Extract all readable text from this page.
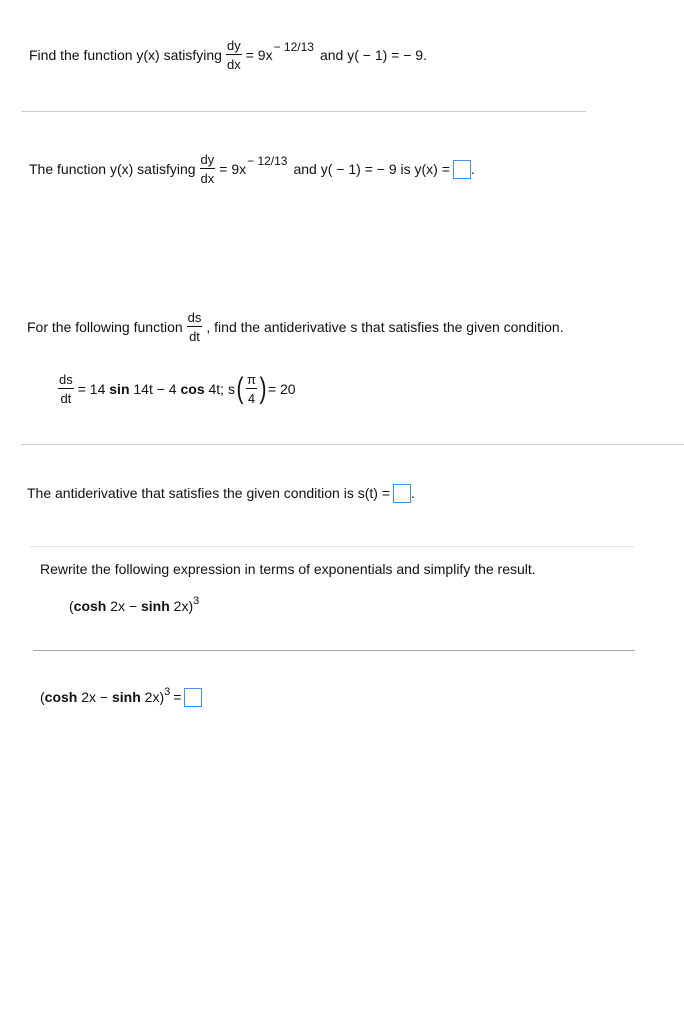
Find the function y(x) satisfying $\frac{dy}{dx} = 9x^{- 12/13}$ and y( − 1) = − 9.
The function y(x) satisfying $\frac{dy}{dx} = 9x^{- 12/13}$ and y( − 1) = − 9 is y(x) = .
For the following function $\frac{ds}{dt}$ , find the antiderivative s that satisfies the given condition.
$\frac{ds}{dt} = 14$
sin
14t − 4
cos
4t; s ( $\frac{\pi}{4}$ ) = 20
The antiderivative that satisfies the given condition is s(t) = .
Rewrite the following expression in terms of exponentials and simplify the result.
( cosh
2x −
sinh
2x)$^3$
( cosh
2x −
sinh
2x)$^3$ =
